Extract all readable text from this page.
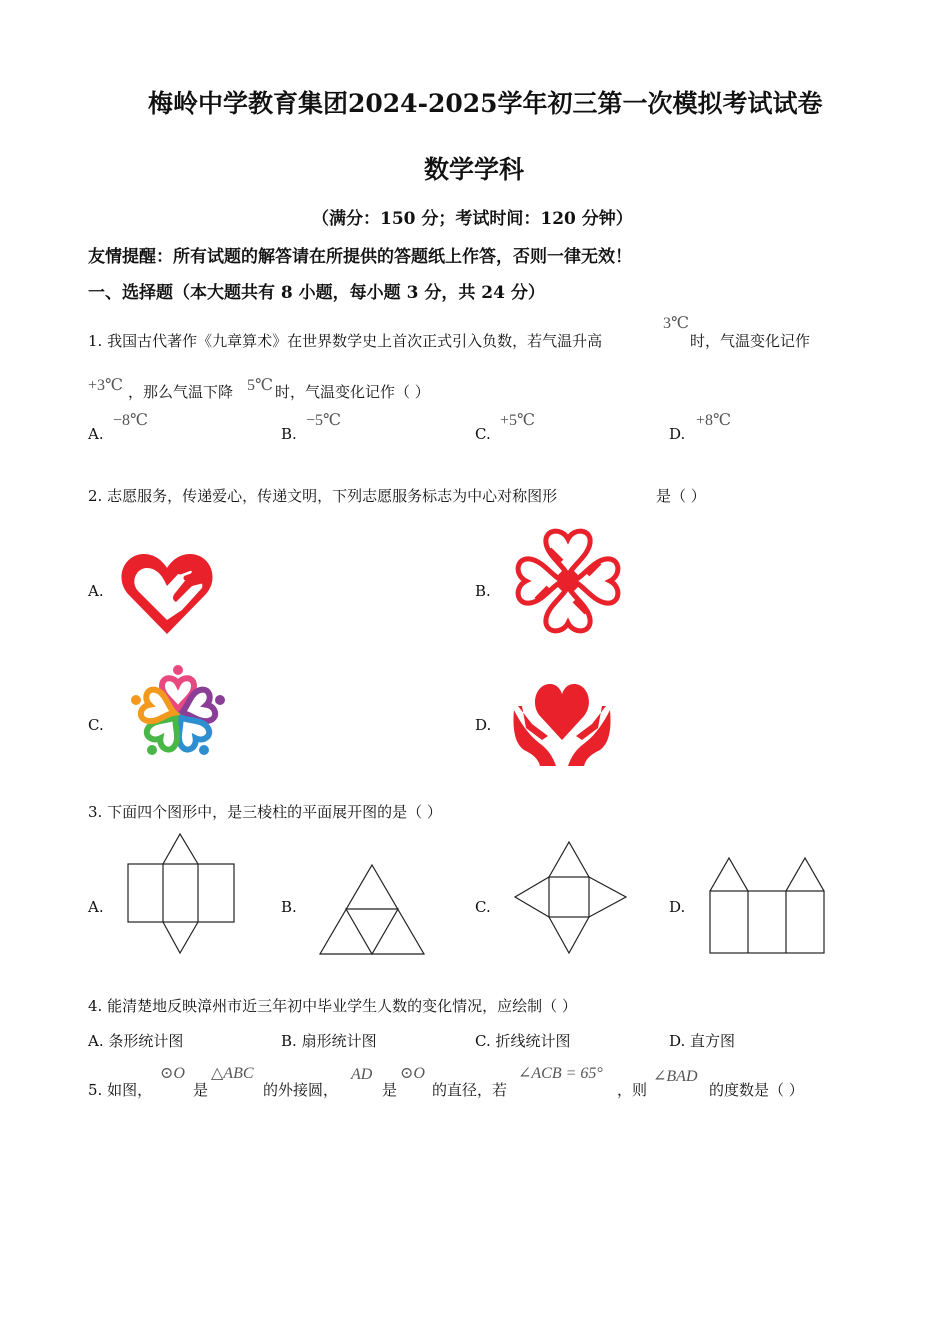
梅岭中学教育集团2024-2025学年初三第一次模拟考试试卷
数学学科
（满分：150 分；考试时间：120 分钟）
友情提醒：所有试题的解答请在所提供的答题纸上作答，否则一律无效！
一、选择题（本大题共有 8 小题，每小题 3 分，共 24 分）
1. 我国古代著作《九章算术》在世界数学史上首次正式引入负数，若气温升高
3℃
时，气温变化记作
+3℃ ，那么气温下降 5℃ 时，气温变化记作（ ）
A.
−8℃
B.
−5℃
C.
+5℃
D.
+8℃
2. 志愿服务，传递爱心，传递文明，下列志愿服务标志为中心对称图形	是（ ）
A.	B.
C.	D.
3. 下面四个图形中，是三棱柱的平面展开图的是（ ）
A.	B.	C.	D.
4. 能清楚地反映漳州市近三年初中毕业学生人数的变化情况，应绘制（ ）
A. 条形统计图	B. 扇形统计图	C. 折线统计图	D. 直方图
5. 如图，
⊙O
是
△ABC
的外接圆，
AD
是
⊙O
的直径，若
∠ACB = 65°
，则
∠BAD
的度数是（ ）
